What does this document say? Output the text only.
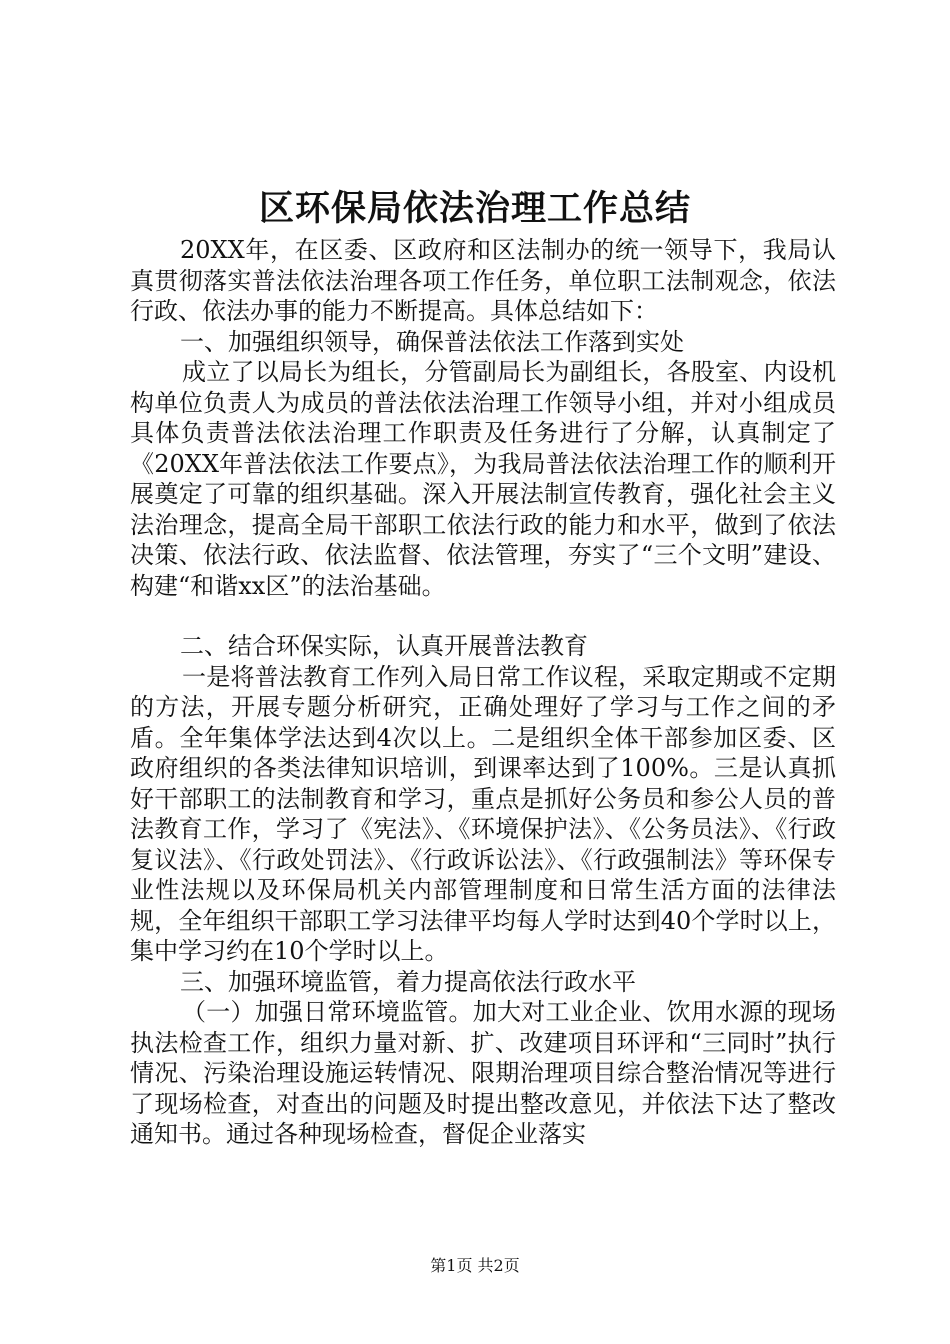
区环保局依法治理工作总结

20XX年，在区委、区政府和区法制办的统一领导下，我局认真贯彻落实普法依法治理各项工作任务，单位职工法制观念，依法行政、依法办事的能力不断提高。具体总结如下：

一、加强组织领导，确保普法依法工作落到实处

成立了以局长为组长，分管副局长为副组长，各股室、内设机构单位负责人为成员的普法依法治理工作领导小组，并对小组成员具体负责普法依法治理工作职责及任务进行了分解，认真制定了《20XX年普法依法工作要点》，为我局普法依法治理工作的顺利开展奠定了可靠的组织基础。深入开展法制宣传教育，强化社会主义法治理念，提高全局干部职工依法行政的能力和水平，做到了依法决策、依法行政、依法监督、依法管理，夯实了“三个文明”建设、构建“和谐xx区”的法治基础。

二、结合环保实际，认真开展普法教育

一是将普法教育工作列入局日常工作议程，采取定期或不定期的方法，开展专题分析研究，正确处理好了学习与工作之间的矛盾。全年集体学法达到4次以上。二是组织全体干部参加区委、区政府组织的各类法律知识培训，到课率达到了100%。三是认真抓好干部职工的法制教育和学习，重点是抓好公务员和参公人员的普法教育工作，学习了《宪法》、《环境保护法》、《公务员法》、《行政复议法》、《行政处罚法》、《行政诉讼法》、《行政强制法》等环保专业性法规以及环保局机关内部管理制度和日常生活方面的法律法规，全年组织干部职工学习法律平均每人学时达到40个学时以上，集中学习约在10个学时以上。

三、加强环境监管，着力提高依法行政水平

（一）加强日常环境监管。加大对工业企业、饮用水源的现场执法检查工作，组织力量对新、扩、改建项目环评和“三同时”执行情况、污染治理设施运转情况、限期治理项目综合整治情况等进行了现场检查，对查出的问题及时提出整改意见，并依法下达了整改通知书。通过各种现场检查，督促企业落实

第1页 共2页
